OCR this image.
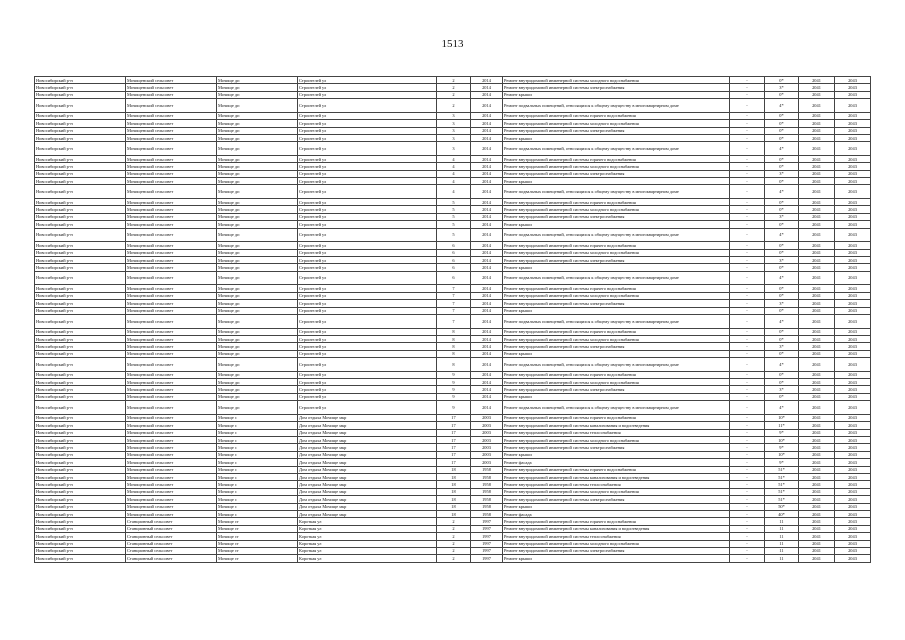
1513
Новосибирский р-н	Мочищенский сельсовет	Мочище дп	Строителей ул	2	2014	Ремонт внутридомовой инженерной системы холодного водоснабжения	-	0*	2041	2043
Новосибирский р-н	Мочищенский сельсовет	Мочище дп	Строителей ул	2	2014	Ремонт внутридомовой инженерной системы электроснабжения	-	3*	2041	2043
Новосибирский р-н	Мочищенский сельсовет	Мочище дп	Строителей ул	2	2014	Ремонт крыши	-	0*	2041	2043
Новосибирский р-н	Мочищенский сельсовет	Мочище дп	Строителей ул	2	2014	Ремонт подвальных помещений, относящихся к общему имуществу в многоквартирном доме	-	4*	2041	2043
Новосибирский р-н	Мочищенский сельсовет	Мочище дп	Строителей ул	3	2014	Ремонт внутридомовой инженерной системы горячего водоснабжения	-	0*	2041	2043
Новосибирский р-н	Мочищенский сельсовет	Мочище дп	Строителей ул	3	2014	Ремонт внутридомовой инженерной системы холодного водоснабжения	-	0*	2041	2043
Новосибирский р-н	Мочищенский сельсовет	Мочище дп	Строителей ул	3	2014	Ремонт внутридомовой инженерной системы электроснабжения	-	0*	2041	2043
Новосибирский р-н	Мочищенский сельсовет	Мочище дп	Строителей ул	3	2014	Ремонт крыши	-	0*	2041	2043
Новосибирский р-н	Мочищенский сельсовет	Мочище дп	Строителей ул	3	2014	Ремонт подвальных помещений, относящихся к общему имуществу в многоквартирном доме	-	4*	2041	2043
Новосибирский р-н	Мочищенский сельсовет	Мочище дп	Строителей ул	4	2014	Ремонт внутридомовой инженерной системы горячего водоснабжения	-	0*	2041	2043
Новосибирский р-н	Мочищенский сельсовет	Мочище дп	Строителей ул	4	2014	Ремонт внутридомовой инженерной системы холодного водоснабжения	-	0*	2041	2043
Новосибирский р-н	Мочищенский сельсовет	Мочище дп	Строителей ул	4	2014	Ремонт внутридомовой инженерной системы электроснабжения	-	3*	2041	2043
Новосибирский р-н	Мочищенский сельсовет	Мочище дп	Строителей ул	4	2014	Ремонт крыши	-	0*	2041	2043
Новосибирский р-н	Мочищенский сельсовет	Мочище дп	Строителей ул	4	2014	Ремонт подвальных помещений, относящихся к общему имуществу в многоквартирном доме	-	4*	2041	2043
Новосибирский р-н	Мочищенский сельсовет	Мочище дп	Строителей ул	5	2014	Ремонт внутридомовой инженерной системы горячего водоснабжения	-	0*	2041	2043
Новосибирский р-н	Мочищенский сельсовет	Мочище дп	Строителей ул	5	2014	Ремонт внутридомовой инженерной системы холодного водоснабжения	-	0*	2041	2043
Новосибирский р-н	Мочищенский сельсовет	Мочище дп	Строителей ул	5	2014	Ремонт внутридомовой инженерной системы электроснабжения	-	3*	2041	2043
Новосибирский р-н	Мочищенский сельсовет	Мочище дп	Строителей ул	5	2014	Ремонт крыши	-	0*	2041	2043
Новосибирский р-н	Мочищенский сельсовет	Мочище дп	Строителей ул	5	2014	Ремонт подвальных помещений, относящихся к общему имуществу в многоквартирном доме	-	4*	2041	2043
Новосибирский р-н	Мочищенский сельсовет	Мочище дп	Строителей ул	6	2014	Ремонт внутридомовой инженерной системы горячего водоснабжения	-	0*	2041	2043
Новосибирский р-н	Мочищенский сельсовет	Мочище дп	Строителей ул	6	2014	Ремонт внутридомовой инженерной системы холодного водоснабжения	-	0*	2041	2043
Новосибирский р-н	Мочищенский сельсовет	Мочище дп	Строителей ул	6	2014	Ремонт внутридомовой инженерной системы электроснабжения	-	3*	2041	2043
Новосибирский р-н	Мочищенский сельсовет	Мочище дп	Строителей ул	6	2014	Ремонт крыши	-	0*	2041	2043
Новосибирский р-н	Мочищенский сельсовет	Мочище дп	Строителей ул	6	2014	Ремонт подвальных помещений, относящихся к общему имуществу в многоквартирном доме	-	4*	2041	2043
Новосибирский р-н	Мочищенский сельсовет	Мочище дп	Строителей ул	7	2014	Ремонт внутридомовой инженерной системы горячего водоснабжения	-	0*	2041	2043
Новосибирский р-н	Мочищенский сельсовет	Мочище дп	Строителей ул	7	2014	Ремонт внутридомовой инженерной системы холодного водоснабжения	-	0*	2041	2043
Новосибирский р-н	Мочищенский сельсовет	Мочище дп	Строителей ул	7	2014	Ремонт внутридомовой инженерной системы электроснабжения	-	3*	2041	2043
Новосибирский р-н	Мочищенский сельсовет	Мочище дп	Строителей ул	7	2014	Ремонт крыши	-	0*	2041	2043
Новосибирский р-н	Мочищенский сельсовет	Мочище дп	Строителей ул	7	2014	Ремонт подвальных помещений, относящихся к общему имуществу в многоквартирном доме	-	4*	2041	2043
Новосибирский р-н	Мочищенский сельсовет	Мочище дп	Строителей ул	8	2014	Ремонт внутридомовой инженерной системы горячего водоснабжения	-	0*	2041	2043
Новосибирский р-н	Мочищенский сельсовет	Мочище дп	Строителей ул	8	2014	Ремонт внутридомовой инженерной системы холодного водоснабжения	-	0*	2041	2043
Новосибирский р-н	Мочищенский сельсовет	Мочище дп	Строителей ул	8	2014	Ремонт внутридомовой инженерной системы электроснабжения	-	3*	2041	2043
Новосибирский р-н	Мочищенский сельсовет	Мочище дп	Строителей ул	8	2014	Ремонт крыши	-	0*	2041	2043
Новосибирский р-н	Мочищенский сельсовет	Мочище дп	Строителей ул	8	2014	Ремонт подвальных помещений, относящихся к общему имуществу в многоквартирном доме	-	4*	2041	2043
Новосибирский р-н	Мочищенский сельсовет	Мочище дп	Строителей ул	9	2014	Ремонт внутридомовой инженерной системы горячего водоснабжения	-	0*	2041	2043
Новосибирский р-н	Мочищенский сельсовет	Мочище дп	Строителей ул	9	2014	Ремонт внутридомовой инженерной системы холодного водоснабжения	-	0*	2041	2043
Новосибирский р-н	Мочищенский сельсовет	Мочище дп	Строителей ул	9	2014	Ремонт внутридомовой инженерной системы электроснабжения	-	3*	2041	2043
Новосибирский р-н	Мочищенский сельсовет	Мочище дп	Строителей ул	9	2014	Ремонт крыши	-	0*	2041	2043
Новосибирский р-н	Мочищенский сельсовет	Мочище дп	Строителей ул	9	2014	Ремонт подвальных помещений, относящихся к общему имуществу в многоквартирном доме	-	4*	2041	2043
Новосибирский р-н	Мочищенский сельсовет	Мочище с	Дом отдыха Мочище мкр	17	2003	Ремонт внутридомовой инженерной системы горячего водоснабжения	-	10*	2041	2043
Новосибирский р-н	Мочищенский сельсовет	Мочище с	Дом отдыха Мочище мкр	17	2003	Ремонт внутридомовой инженерной системы канализования и водоотведения	-	11*	2041	2043
Новосибирский р-н	Мочищенский сельсовет	Мочище с	Дом отдыха Мочище мкр	17	2003	Ремонт внутридомовой инженерной системы теплоснабжения	-	9*	2041	2043
Новосибирский р-н	Мочищенский сельсовет	Мочище с	Дом отдыха Мочище мкр	17	2003	Ремонт внутридомовой инженерной системы холодного водоснабжения	-	10*	2041	2043
Новосибирский р-н	Мочищенский сельсовет	Мочище с	Дом отдыха Мочище мкр	17	2003	Ремонт внутридомовой инженерной системы электроснабжения	-	9*	2041	2043
Новосибирский р-н	Мочищенский сельсовет	Мочище с	Дом отдыха Мочище мкр	17	2003	Ремонт крыши	-	10*	2041	2043
Новосибирский р-н	Мочищенский сельсовет	Мочище с	Дом отдыха Мочище мкр	17	2003	Ремонт фасада	-	9*	2041	2043
Новосибирский р-н	Мочищенский сельсовет	Мочище с	Дом отдыха Мочище мкр	18	1958	Ремонт внутридомовой инженерной системы горячего водоснабжения	-	51*	2041	2043
Новосибирский р-н	Мочищенский сельсовет	Мочище с	Дом отдыха Мочище мкр	18	1958	Ремонт внутридомовой инженерной системы канализования и водоотведения	-	51*	2041	2043
Новосибирский р-н	Мочищенский сельсовет	Мочище с	Дом отдыха Мочище мкр	18	1958	Ремонт внутридомовой инженерной системы теплоснабжения	-	51*	2041	2043
Новосибирский р-н	Мочищенский сельсовет	Мочище с	Дом отдыха Мочище мкр	18	1958	Ремонт внутридомовой инженерной системы холодного водоснабжения	-	51*	2041	2043
Новосибирский р-н	Мочищенский сельсовет	Мочище с	Дом отдыха Мочище мкр	18	1958	Ремонт внутридомовой инженерной системы электроснабжения	-	51*	2041	2043
Новосибирский р-н	Мочищенский сельсовет	Мочище с	Дом отдыха Мочище мкр	18	1958	Ремонт крыши	-	50*	2041	2043
Новосибирский р-н	Мочищенский сельсовет	Мочище с	Дом отдыха Мочище мкр	18	1958	Ремонт фасада	-	40*	2041	2043
Новосибирский р-н	Станционный сельсовет	Мочище ст	Короткая ул	2	1997	Ремонт внутридомовой инженерной системы горячего водоснабжения	-	11	2041	2043
Новосибирский р-н	Станционный сельсовет	Мочище ст	Короткая ул	2	1997	Ремонт внутридомовой инженерной системы канализования и водоотведения	-	11	2041	2043
Новосибирский р-н	Станционный сельсовет	Мочище ст	Короткая ул	2	1997	Ремонт внутридомовой инженерной системы теплоснабжения	-	11	2041	2043
Новосибирский р-н	Станционный сельсовет	Мочище ст	Короткая ул	2	1997	Ремонт внутридомовой инженерной системы холодного водоснабжения	-	11	2041	2043
Новосибирский р-н	Станционный сельсовет	Мочище ст	Короткая ул	2	1997	Ремонт внутридомовой инженерной системы электроснабжения	-	11	2041	2043
Новосибирский р-н	Станционный сельсовет	Мочище ст	Короткая ул	2	1997	Ремонт крыши	-	11	2041	2043
